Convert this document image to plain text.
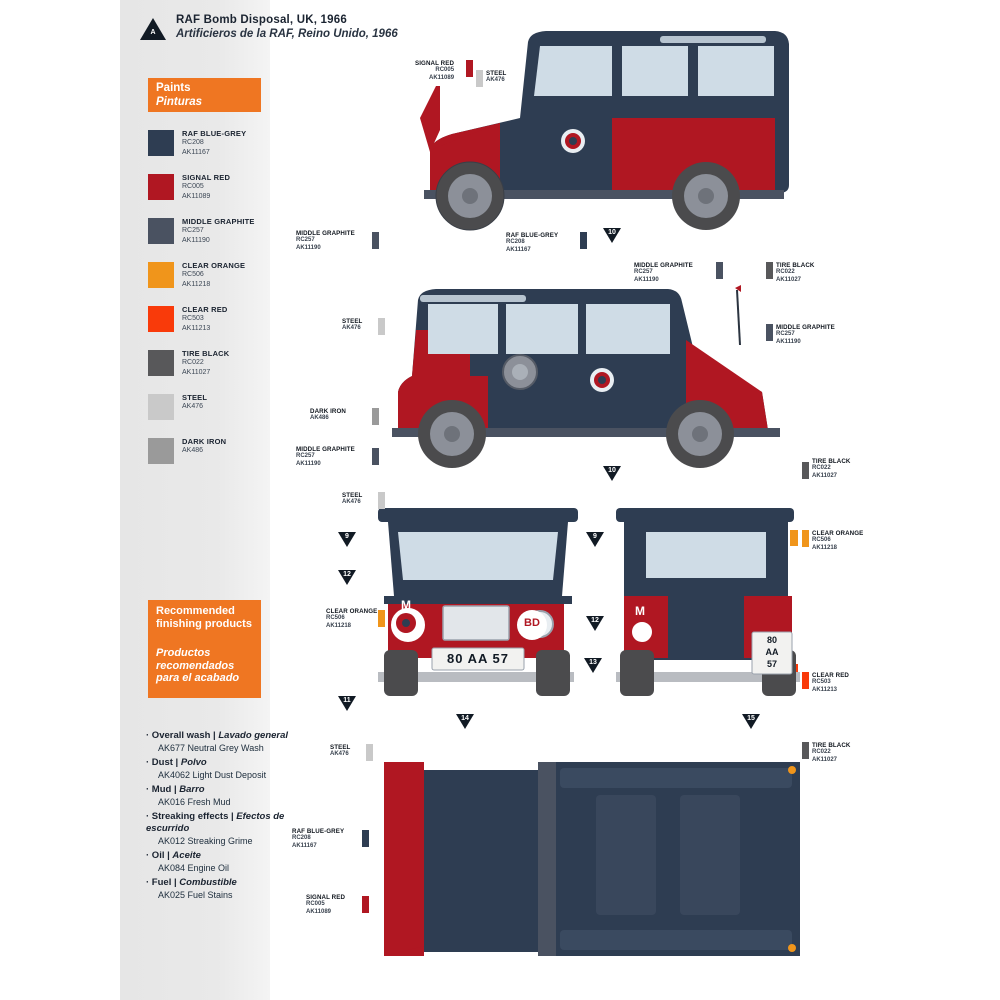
A
RAF Bomb Disposal, UK, 1966
Artificieros de la RAF, Reino Unido, 1966
Paints
Pinturas
RAF BLUE-GREY
RC208
AK11167
SIGNAL RED
RC005
AK11089
MIDDLE GRAPHITE
RC257
AK11190
CLEAR ORANGE
RC506
AK11218
CLEAR RED
RC503
AK11213
TIRE BLACK
RC022
AK11027
STEEL
AK476
DARK IRON
AK486
Recommended finishing products
Productos recomendados para el acabado
· Overall wash | Lavado general
AK677 Neutral Grey Wash
· Dust | Polvo
AK4062 Light Dust Deposit
· Mud | Barro
AK016 Fresh Mud
· Streaking effects | Efectos de escurrido
AK012 Streaking Grime
· Oil | Aceite
AK084 Engine Oil
· Fuel | Combustible
AK025 Fuel Stains
80 AA 57
M
BD
M
80
AA
57
SIGNAL RED
RC005
AK11089
STEEL
AK476
MIDDLE GRAPHITE
RC257
AK11190
RAF BLUE-GREY
RC208
AK11167
MIDDLE GRAPHITE
RC257
AK11190
TIRE BLACK
RC022
AK11027
STEEL
AK476	MIDDLE GRAPHITE
RC257
AK11190
DARK IRON
AK486
MIDDLE GRAPHITE
RC257
AK11190	TIRE BLACK
RC022
AK11027
STEEL
AK476
CLEAR ORANGE
RC506
AK11218
CLEAR ORANGE
RC506
AK11218
CLEAR RED
RC503
AK11213
STEEL
AK476
TIRE BLACK
RC022
AK11027
RAF BLUE-GREY
RC208
AK11167
SIGNAL RED
RC005
AK11089
10
10
9
12
11
14
13
9
12
15
